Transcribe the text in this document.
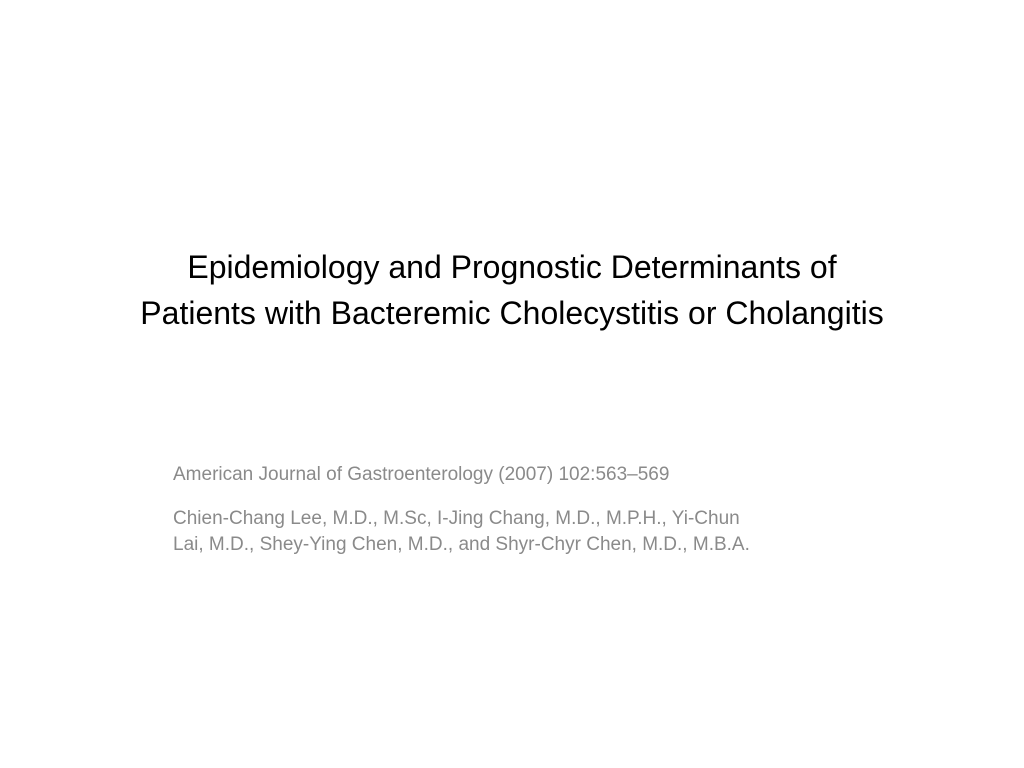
Epidemiology and Prognostic Determinants of
Patients with Bacteremic Cholecystitis or Cholangitis

American Journal of Gastroenterology (2007) 102:563–569

Chien-Chang Lee, M.D., M.Sc, I-Jing Chang, M.D., M.P.H., Yi-Chun
Lai, M.D., Shey-Ying Chen, M.D., and Shyr-Chyr Chen, M.D., M.B.A.
